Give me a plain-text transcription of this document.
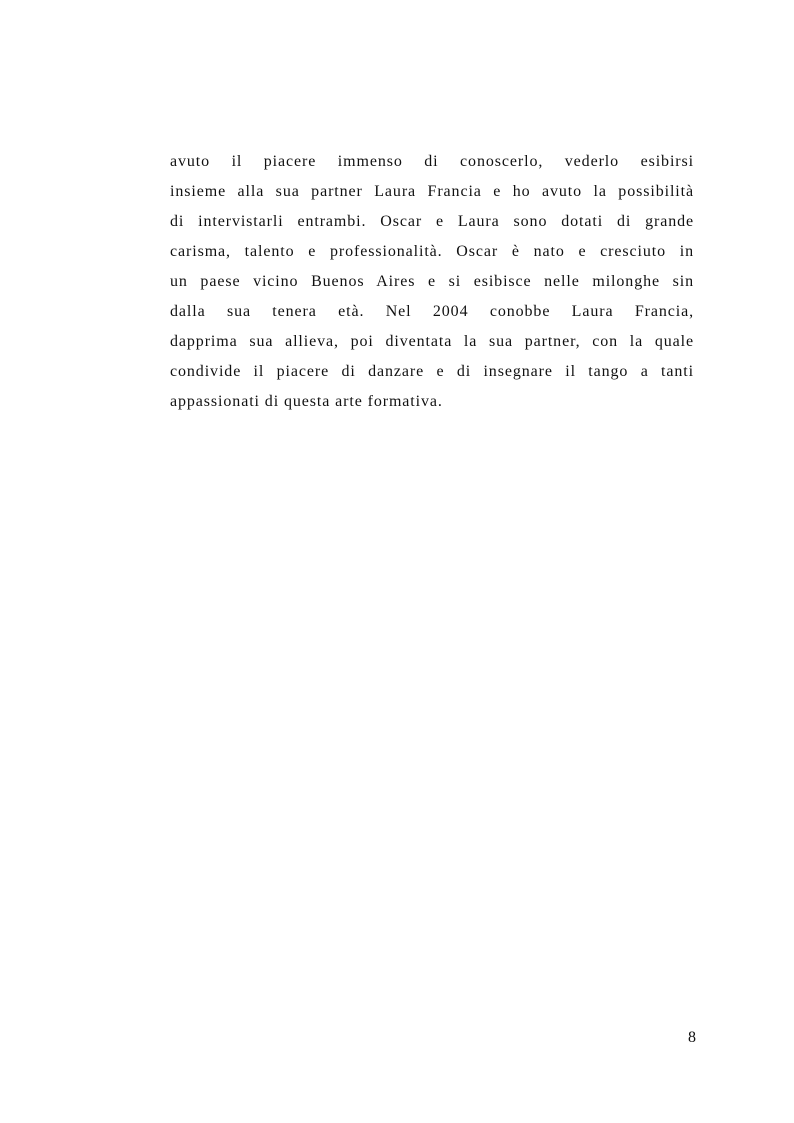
avuto il piacere immenso di conoscerlo, vederlo esibirsi
insieme alla sua partner Laura Francia e ho avuto la possibilità
di intervistarli entrambi. Oscar e Laura sono dotati di grande
carisma, talento e professionalità. Oscar è nato e cresciuto in
un paese vicino Buenos Aires e si esibisce nelle milonghe sin
dalla sua tenera età. Nel 2004 conobbe Laura Francia,
dapprima sua allieva, poi diventata la sua partner, con la quale
condivide il piacere di danzare e di insegnare il tango a tanti
appassionati di questa arte formativa.
8
